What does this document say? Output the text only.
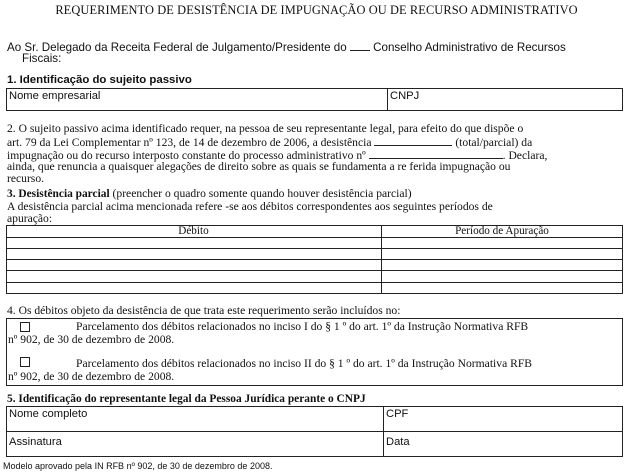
REQUERIMENTO DE DESISTÊNCIA DE IMPUGNAÇÃO OU DE RECURSO ADMINISTRATIVO
Ao Sr. Delegado da Receita Federal de Julgamento/Presidente do Conselho Administrativo de Recursos
Fiscais:
1. Identificação do sujeito passivo
Nome empresarial	CNPJ
2. O sujeito passivo acima identificado requer, na pessoa de seu representante legal, para efeito do que dispõe o
art. 79 da Lei Complementar nº 123, de 14 de dezembro de 2006, a desistência	(total/parcial) da
impugnação ou do recurso interposto constante do processo administrativo nº	. Declara,
ainda, que renuncia a quaisquer alegações de direito sobre as quais se fundamenta a re ferida impugnação ou
recurso.
3. Desistência parcial (preencher o quadro somente quando houver desistência parcial)
A desistência parcial acima mencionada refere -se aos débitos correspondentes aos seguintes períodos de
apuração:
Débito	Período de Apuração
4. Os débitos objeto da desistência de que trata este requerimento serão incluídos no:
Parcelamento dos débitos relacionados no inciso I do § 1 º do art. 1º da Instrução Normativa RFB
nº 902, de 30 de dezembro de 2008.
Parcelamento dos débitos relacionados no inciso II do § 1 º do art. 1º da Instrução Normativa RFB
nº 902, de 30 de dezembro de 2008.
5. Identificação do representante legal da Pessoa Jurídica perante o CNPJ
Nome completo	CPF
Assinatura	Data
Modelo aprovado pela IN RFB nº 902, de 30 de dezembro de 2008.
